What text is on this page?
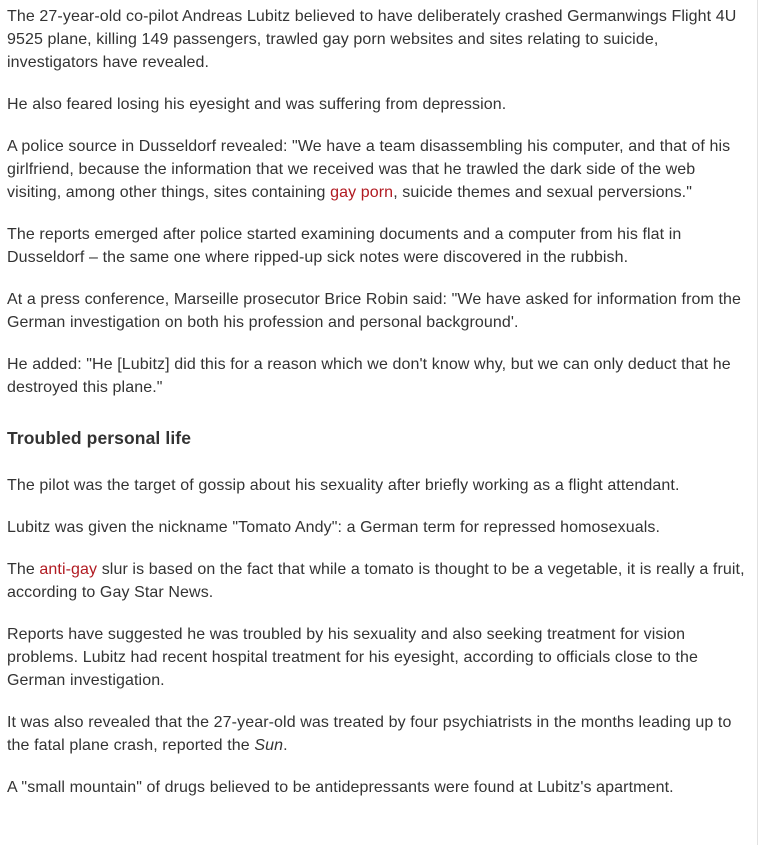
The 27-year-old co-pilot Andreas Lubitz believed to have deliberately crashed Germanwings Flight 4U 9525 plane, killing 149 passengers, trawled gay porn websites and sites relating to suicide, investigators have revealed.

He also feared losing his eyesight and was suffering from depression.

A police source in Dusseldorf revealed: "We have a team disassembling his computer, and that of his girlfriend, because the information that we received was that he trawled the dark side of the web visiting, among other things, sites containing gay porn, suicide themes and sexual perversions."

The reports emerged after police started examining documents and a computer from his flat in Dusseldorf – the same one where ripped-up sick notes were discovered in the rubbish.

At a press conference, Marseille prosecutor Brice Robin said: "We have asked for information from the German investigation on both his profession and personal background'.

He added: "He [Lubitz] did this for a reason which we don't know why, but we can only deduct that he destroyed this plane."

Troubled personal life

The pilot was the target of gossip about his sexuality after briefly working as a flight attendant.

Lubitz was given the nickname "Tomato Andy": a German term for repressed homosexuals.

The anti-gay slur is based on the fact that while a tomato is thought to be a vegetable, it is really a fruit, according to Gay Star News.

Reports have suggested he was troubled by his sexuality and also seeking treatment for vision problems. Lubitz had recent hospital treatment for his eyesight, according to officials close to the German investigation.

It was also revealed that the 27-year-old was treated by four psychiatrists in the months leading up to the fatal plane crash, reported the Sun.

A "small mountain" of drugs believed to be antidepressants were found at Lubitz's apartment.
